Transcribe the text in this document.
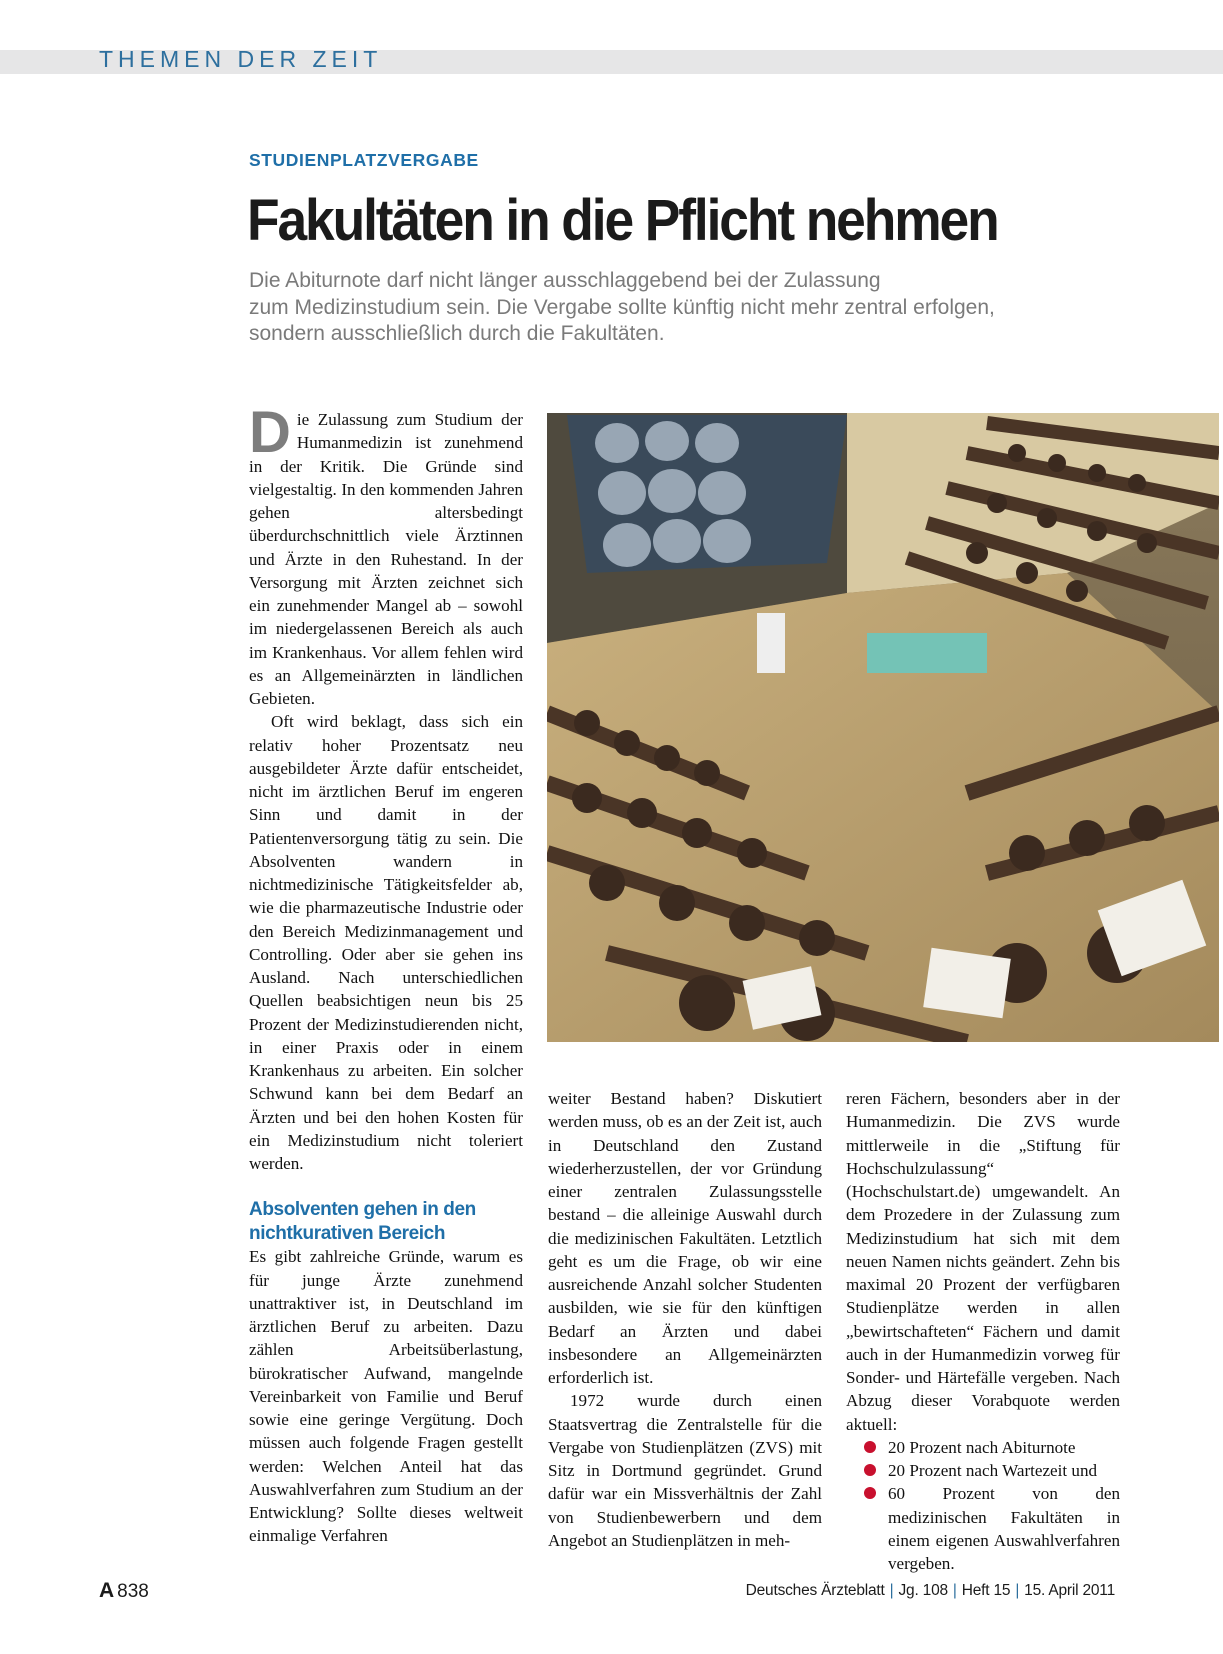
THEMEN DER ZEIT
STUDIENPLATZVERGABE
Fakultäten in die Pflicht nehmen
Die Abiturnote darf nicht länger ausschlaggebend bei der Zulassung
zum Medizinstudium sein. Die Vergabe sollte künftig nicht mehr zentral erfolgen,
sondern ausschließlich durch die Fakultäten.

Die Zulassung zum Studium der Humanmedizin ist zunehmend in der Kritik. Die Gründe sind vielgestaltig. In den kommenden Jahren gehen altersbedingt überdurchschnittlich viele Ärztinnen und Ärzte in den Ruhestand. In der Versorgung mit Ärzten zeichnet sich ein zunehmender Mangel ab – sowohl im niedergelassenen Bereich als auch im Krankenhaus. Vor allem fehlen wird es an Allgemeinärzten in ländlichen Gebieten.

Oft wird beklagt, dass sich ein relativ hoher Prozentsatz neu ausgebildeter Ärzte dafür entscheidet, nicht im ärztlichen Beruf im engeren Sinn und damit in der Patientenversorgung tätig zu sein. Die Absolventen wandern in nichtmedizinische Tätigkeitsfelder ab, wie die pharmazeutische Industrie oder den Bereich Medizinmanagement und Controlling. Oder aber sie gehen ins Ausland. Nach unterschiedlichen Quellen beabsichtigen neun bis 25 Prozent der Medizinstudierenden nicht, in einer Praxis oder in einem Krankenhaus zu arbeiten. Ein solcher Schwund kann bei dem Bedarf an Ärzten und bei den hohen Kosten für ein Medizinstudium nicht toleriert werden.

Absolventen gehen in den nichtkurativen Bereich

Es gibt zahlreiche Gründe, warum es für junge Ärzte zunehmend unattraktiver ist, in Deutschland im ärztlichen Beruf zu arbeiten. Dazu zählen Arbeitsüberlastung, bürokratischer Aufwand, mangelnde Vereinbarkeit von Familie und Beruf sowie eine geringe Vergütung. Doch müssen auch folgende Fragen gestellt werden: Welchen Anteil hat das Auswahlverfahren zum Studium an der Entwicklung? Sollte dieses weltweit einmalige Verfahren

weiter Bestand haben? Diskutiert werden muss, ob es an der Zeit ist, auch in Deutschland den Zustand wiederherzustellen, der vor Gründung einer zentralen Zulassungsstelle bestand – die alleinige Auswahl durch die medizinischen Fakultäten. Letztlich geht es um die Frage, ob wir eine ausreichende Anzahl solcher Studenten ausbilden, wie sie für den künftigen Bedarf an Ärzten und dabei insbesondere an Allgemeinärzten erforderlich ist.

1972 wurde durch einen Staatsvertrag die Zentralstelle für die Vergabe von Studienplätzen (ZVS) mit Sitz in Dortmund gegründet. Grund dafür war ein Missverhältnis der Zahl von Studienbewerbern und dem Angebot an Studienplätzen in meh-

reren Fächern, besonders aber in der Humanmedizin. Die ZVS wurde mittlerweile in die „Stiftung für Hochschulzulassung“ (Hochschulstart.de) umgewandelt. An dem Prozedere in der Zulassung zum Medizinstudium hat sich mit dem neuen Namen nichts geändert. Zehn bis maximal 20 Prozent der verfügbaren Studienplätze werden in allen „bewirtschafteten“ Fächern und damit auch in der Humanmedizin vorweg für Sonder- und Härtefälle vergeben. Nach Abzug dieser Vorabquote werden aktuell:

20 Prozent nach Abiturnote
20 Prozent nach Wartezeit und
60 Prozent von den medizinischen Fakultäten in einem eigenen Auswahlverfahren vergeben.
A 838	Deutsches Ärzteblatt | Jg. 108 | Heft 15 | 15. April 2011
